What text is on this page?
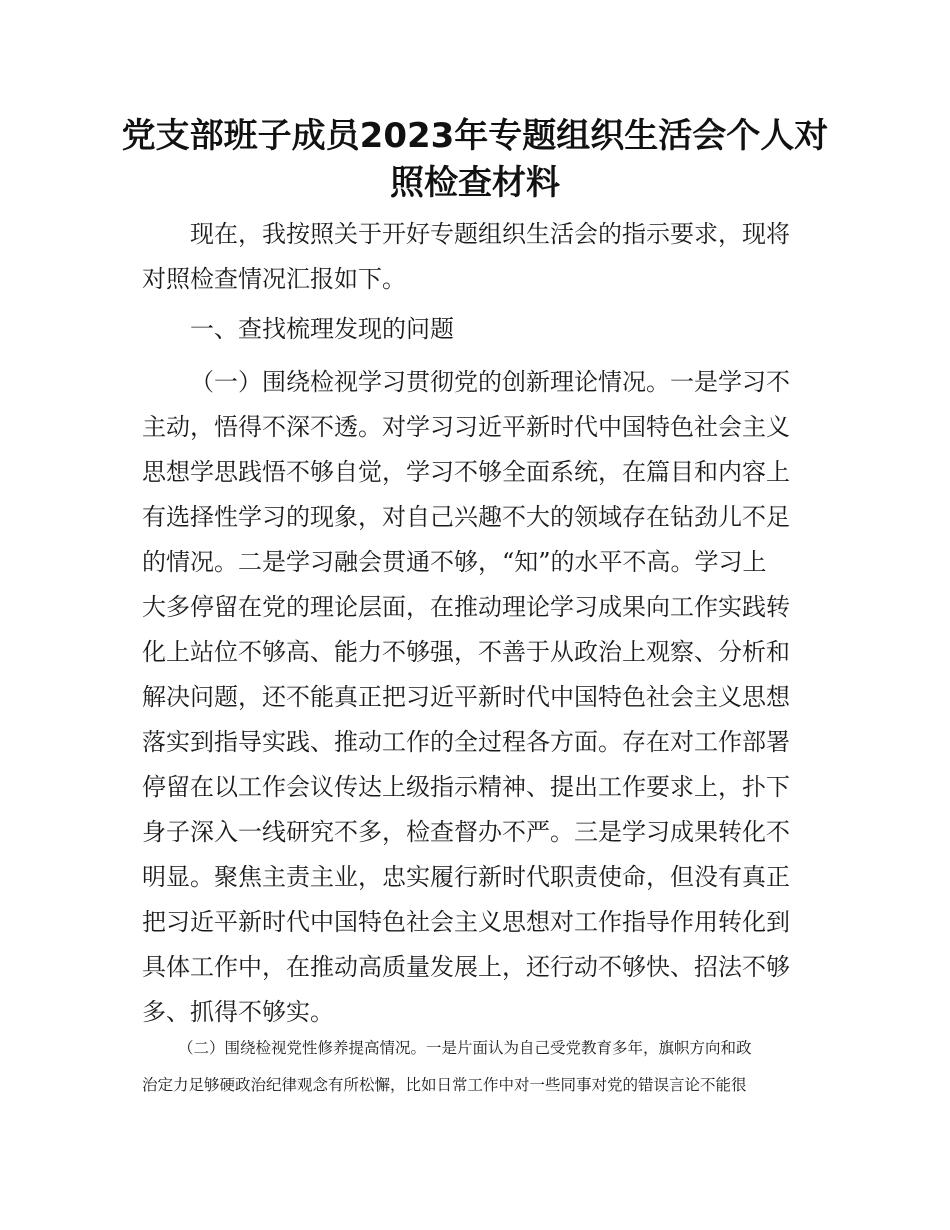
党支部班子成员2023年专题组织生活会个人对
照检查材料
现在，我按照关于开好专题组织生活会的指示要求，现将
对照检查情况汇报如下。
一、查找梳理发现的问题
（一）围绕检视学习贯彻党的创新理论情况。一是学习不
主动，悟得不深不透。对学习习近平新时代中国特色社会主义
思想学思践悟不够自觉，学习不够全面系统，在篇目和内容上
有选择性学习的现象，对自己兴趣不大的领域存在钻劲儿不足
的情况。二是学习融会贯通不够，“知”的水平不高。学习上
大多停留在党的理论层面，在推动理论学习成果向工作实践转
化上站位不够高、能力不够强，不善于从政治上观察、分析和
解决问题，还不能真正把习近平新时代中国特色社会主义思想
落实到指导实践、推动工作的全过程各方面。存在对工作部署
停留在以工作会议传达上级指示精神、提出工作要求上，扑下
身子深入一线研究不多，检查督办不严。三是学习成果转化不
明显。聚焦主责主业，忠实履行新时代职责使命，但没有真正
把习近平新时代中国特色社会主义思想对工作指导作用转化到
具体工作中，在推动高质量发展上，还行动不够快、招法不够
多、抓得不够实。
（二）围绕检视党性修养提高情况。一是片面认为自己受党教育多年，旗帜方向和政
治定力足够硬政治纪律观念有所松懈，比如日常工作中对一些同事对党的错误言论不能很
